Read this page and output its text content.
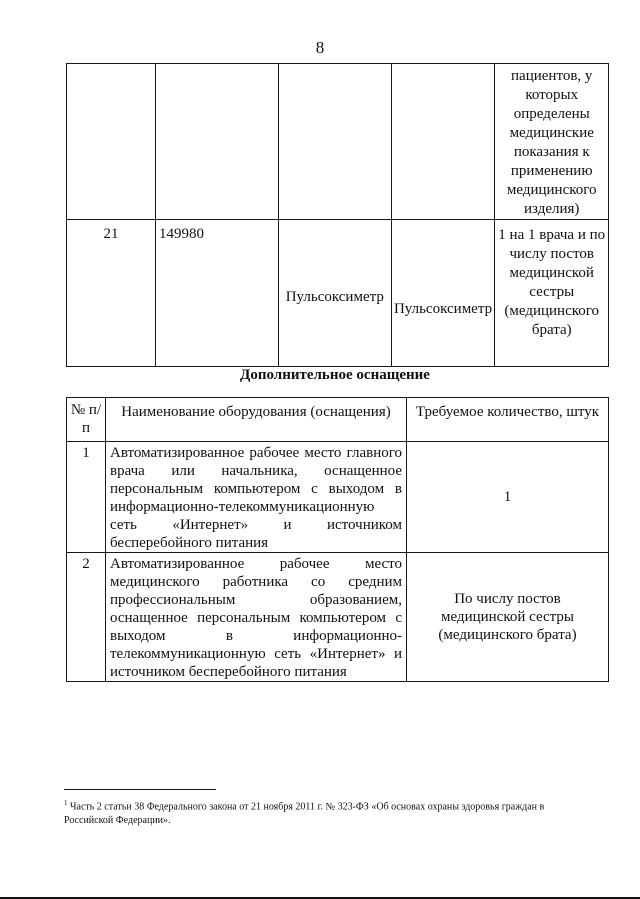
8
				пациентов, у которых определены медицинские показания к применению медицинского изделия)
21	149980	Пульсоксиметр	Пульсоксиметр	1 на 1 врача и по числу постов медицинской сестры (медицинского брата)
Дополнительное оснащение
№ п/п	Наименование оборудования (оснащения)	Требуемое количество, штук
1	Автоматизированное рабочее место главного врача или начальника, оснащенное персональным компьютером с выходом в информационно-телекоммуникационную сеть «Интернет» и источником бесперебойного питания	1
2	Автоматизированное рабочее место медицинского работника со средним профессиональным образованием, оснащенное персональным компьютером с выходом в информационно-телекоммуникационную сеть «Интернет» и источником бесперебойного питания	По числу постов медицинской сестры (медицинского брата)
$^1$ Часть 2 статьи 38 Федерального закона от 21 ноября 2011 г. № 323-ФЗ «Об основах охраны здоровья граждан в Российской Федерации».
